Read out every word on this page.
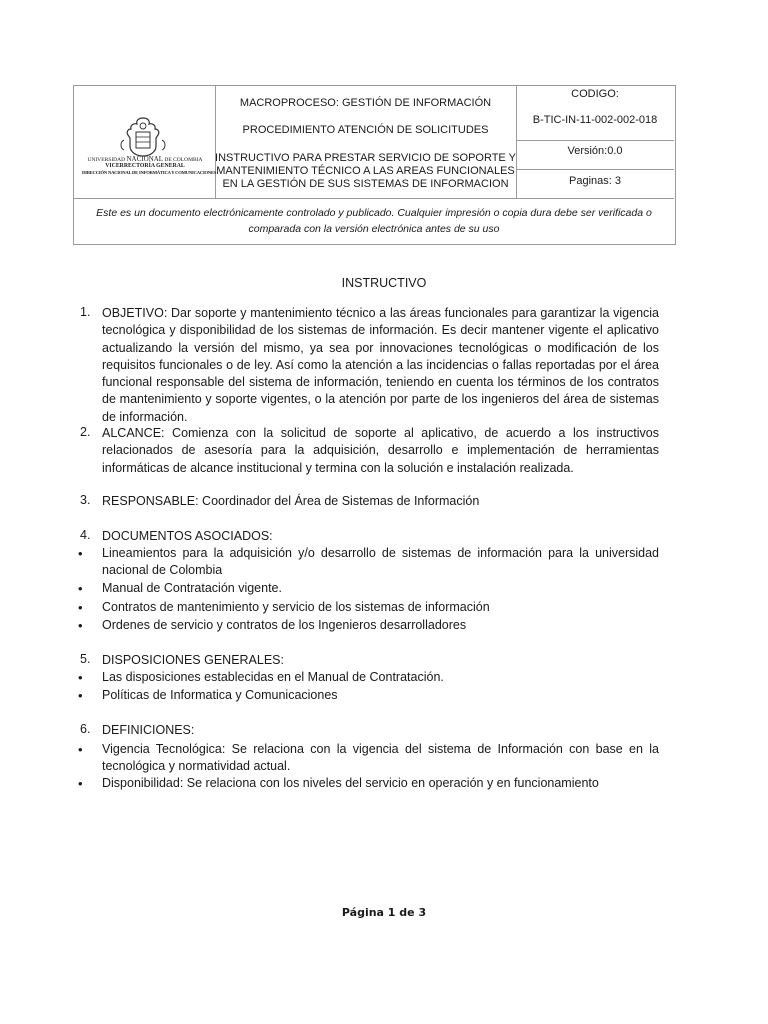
UNIVERSIDAD NACIONAL DE COLOMBIA
VICERRECTORÍA GENERAL
DIRECCIÓN NACIONAL DE INFORMÁTICA Y COMUNICACIONES
MACROPROCESO: GESTIÓN DE INFORMACIÓN
PROCEDIMIENTO ATENCIÓN DE SOLICITUDES
INSTRUCTIVO PARA PRESTAR SERVICIO DE SOPORTE Y
MANTENIMIENTO TÉCNICO A LAS AREAS FUNCIONALES
EN LA GESTIÓN DE SUS SISTEMAS DE INFORMACION
CODIGO:
B-TIC-IN-11-002-002-018
Versión:0.0
Paginas: 3
Este es un documento electrónicamente controlado y publicado. Cualquier impresión o copia dura debe ser verificada o
comparada con la versión electrónica antes de su uso
INSTRUCTIVO
1. OBJETIVO: Dar soporte y mantenimiento técnico a las áreas funcionales para garantizar la vigencia tecnológica y disponibilidad de los sistemas de información. Es decir mantener vigente el aplicativo actualizando la versión del mismo, ya sea por innovaciones tecnológicas o modificación de los requisitos funcionales o de ley. Así como la atención a las incidencias o fallas reportadas por el área funcional responsable del sistema de información, teniendo en cuenta los términos de los contratos de mantenimiento y soporte vigentes, o la atención por parte de los ingenieros del área de sistemas de información.
2. ALCANCE: Comienza con la solicitud de soporte al aplicativo, de acuerdo a los instructivos relacionados de asesoría para la adquisición, desarrollo e implementación de herramientas informáticas de alcance institucional y termina con la solución e instalación realizada.
3. RESPONSABLE: Coordinador del Área de Sistemas de Información
4. DOCUMENTOS ASOCIADOS:
• Lineamientos para la adquisición y/o desarrollo de sistemas de información para la universidad nacional de Colombia
• Manual de Contratación vigente.
• Contratos de mantenimiento y servicio de los sistemas de información
• Ordenes de servicio y contratos de los Ingenieros desarrolladores
5. DISPOSICIONES GENERALES:
• Las disposiciones establecidas en el Manual de Contratación.
• Políticas de Informatica y Comunicaciones
6. DEFINICIONES:
• Vigencia Tecnológica: Se relaciona con la vigencia del sistema de Información con base en la tecnológica y normatividad actual.
• Disponibilidad: Se relaciona con los niveles del servicio en operación y en funcionamiento
Página 1 de 3
